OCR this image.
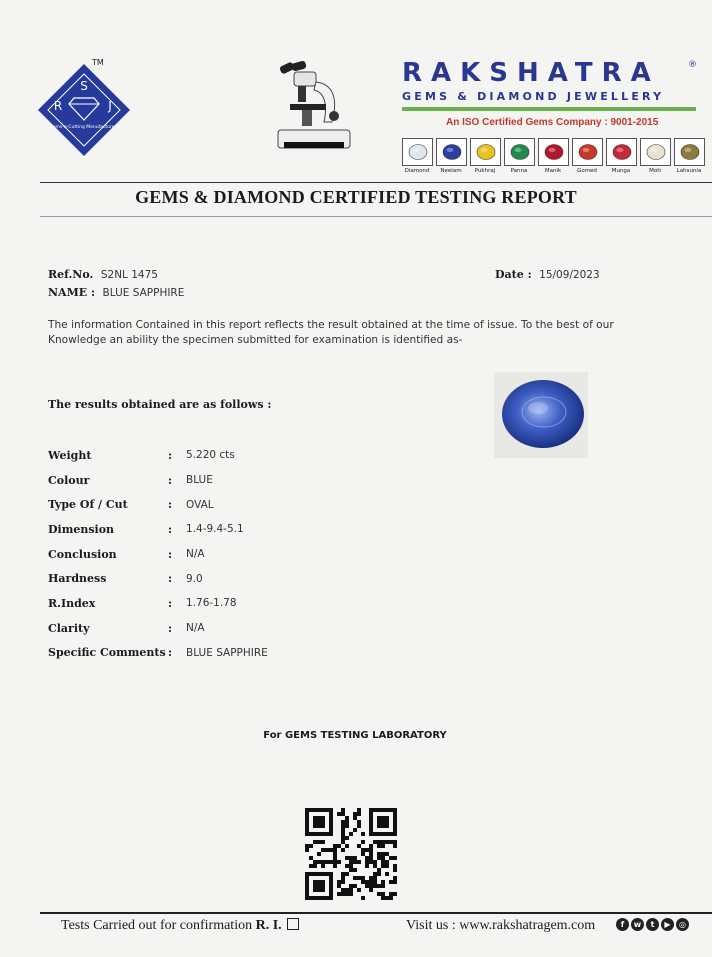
S
R	J
Gems-n-Cutting Manufacturers
TM	RAKSHATRA	®
GEMS & DIAMOND JEWELLERY
An ISO Certified Gems Company : 9001-2015
Diamond	Neelam	Pukhraj	Panna	Manik	Gomed	Munga	Moti	Lahsunia
GEMS & DIAMOND CERTIFIED TESTING REPORT
Ref.No. S2NL 1475
NAME : BLUE SAPPHIRE
Date : 15/09/2023
The information Contained in this report reflects the result obtained at the time of issue. To the best of our Knowledge an ability the specimen submitted for examination is identified as-
The results obtained are as follows :
Weight	:	5.220 cts
Colour	:	BLUE
Type Of / Cut	:	OVAL
Dimension	:	1.4-9.4-5.1
Conclusion	:	N/A
Hardness	:	9.0
R.Index	:	1.76-1.78
Clarity	:	N/A
Specific Comments :	BLUE SAPPHIRE
For GEMS TESTING LABORATORY
Tests Carried out for confirmation R. I.	Visit us : www.rakshatragem.com	f	w	t	▶	◎
